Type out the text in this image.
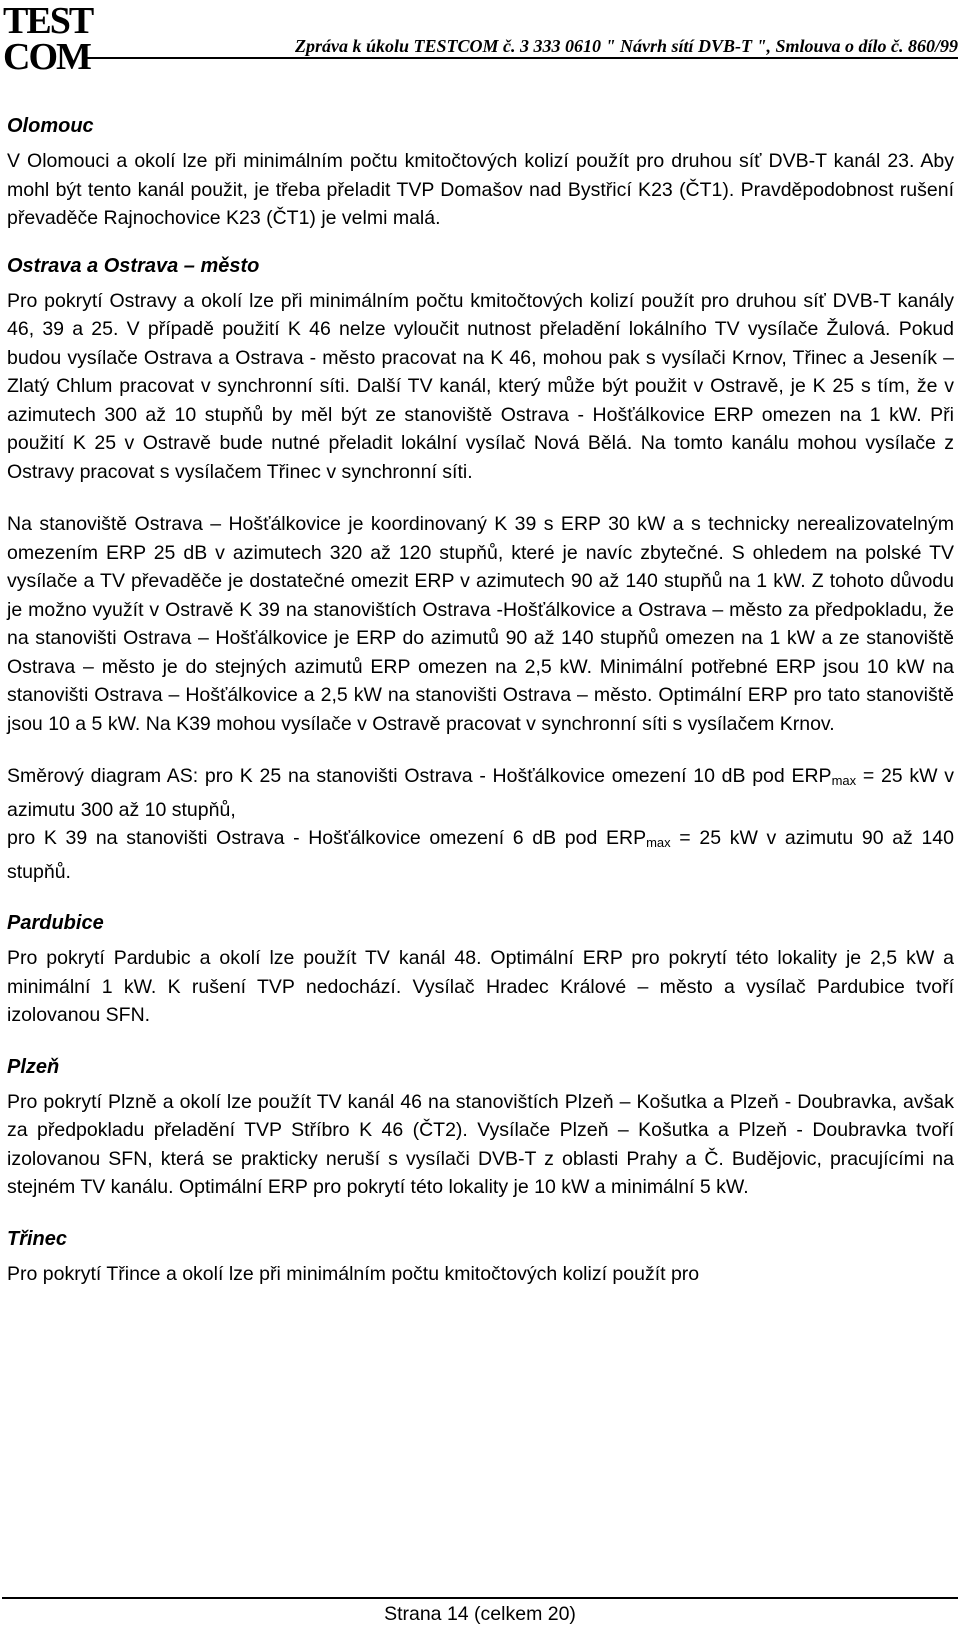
TEST
COM	Zpráva k úkolu TESTCOM č. 3 333 0610 " Návrh sítí DVB-T ", Smlouva o dílo č. 860/99
Olomouc

V Olomouci a okolí lze při minimálním počtu kmitočtových kolizí použít pro druhou síť DVB-T kanál 23. Aby mohl být tento kanál použit, je třeba přeladit TVP Domašov nad Bystřicí K23 (ČT1). Pravděpodobnost rušení převaděče Rajnochovice K23 (ČT1) je velmi malá.

Ostrava a Ostrava – město

Pro pokrytí Ostravy a okolí lze při minimálním počtu kmitočtových kolizí použít pro druhou síť DVB-T kanály 46, 39 a 25. V případě použití K 46 nelze vyloučit nutnost přeladění lokálního TV vysílače Žulová. Pokud budou vysílače Ostrava a Ostrava - město pracovat na K 46, mohou pak s vysílači Krnov, Třinec a Jeseník – Zlatý Chlum pracovat v synchronní síti. Další TV kanál, který může být použit v Ostravě, je K 25 s tím, že v azimutech 300 až 10 stupňů by měl být ze stanoviště Ostrava - Hošťálkovice ERP omezen na 1 kW. Při použití K 25 v Ostravě bude nutné přeladit lokální vysílač Nová Bělá. Na tomto kanálu mohou vysílače z Ostravy pracovat s vysílačem Třinec v synchronní síti.

Na stanoviště Ostrava – Hošťálkovice je koordinovaný K 39 s ERP 30 kW a s technicky nerealizovatelným omezením ERP 25 dB v azimutech 320 až 120 stupňů, které je navíc zbytečné. S ohledem na polské TV vysílače a TV převaděče je dostatečné omezit ERP v azimutech 90 až 140 stupňů na 1 kW. Z tohoto důvodu je možno využít v Ostravě K 39 na stanovištích Ostrava -Hošťálkovice a Ostrava – město za předpokladu, že na stanovišti Ostrava – Hošťálkovice je ERP do azimutů 90 až 140 stupňů omezen na 1 kW a ze stanoviště Ostrava – město je do stejných azimutů ERP omezen na 2,5 kW. Minimální potřebné ERP jsou 10 kW na stanovišti Ostrava – Hošťálkovice a 2,5 kW na stanovišti Ostrava – město. Optimální ERP pro tato stanoviště jsou 10 a 5 kW. Na K39 mohou vysílače v Ostravě pracovat v synchronní síti s vysílačem Krnov.

Směrový diagram AS: pro K 25 na stanovišti Ostrava - Hošťálkovice omezení 10 dB pod $ERP_{max} = 25$ kW v azimutu 300 až 10 stupňů,
pro K 39 na stanovišti Ostrava - Hošťálkovice omezení 6 dB pod $ERP_{max} = 25$ kW v azimutu 90 až 140 stupňů.

Pardubice

Pro pokrytí Pardubic a okolí lze použít TV kanál 48. Optimální ERP pro pokrytí této lokality je 2,5 kW a minimální 1 kW. K rušení TVP nedochází. Vysílač Hradec Králové – město a vysílač Pardubice tvoří izolovanou SFN.

Plzeň

Pro pokrytí Plzně a okolí lze použít TV kanál 46 na stanovištích Plzeň – Košutka a Plzeň - Doubravka, avšak za předpokladu přeladění TVP Stříbro K 46 (ČT2). Vysílače Plzeň – Košutka a Plzeň - Doubravka tvoří izolovanou SFN, která se prakticky neruší s vysílači DVB-T z oblasti Prahy a Č. Budějovic, pracujícími na stejném TV kanálu. Optimální ERP pro pokrytí této lokality je 10 kW a minimální 5 kW.

Třinec

Pro pokrytí Třince a okolí lze při minimálním počtu kmitočtových kolizí použít pro

Strana 14 (celkem 20)
